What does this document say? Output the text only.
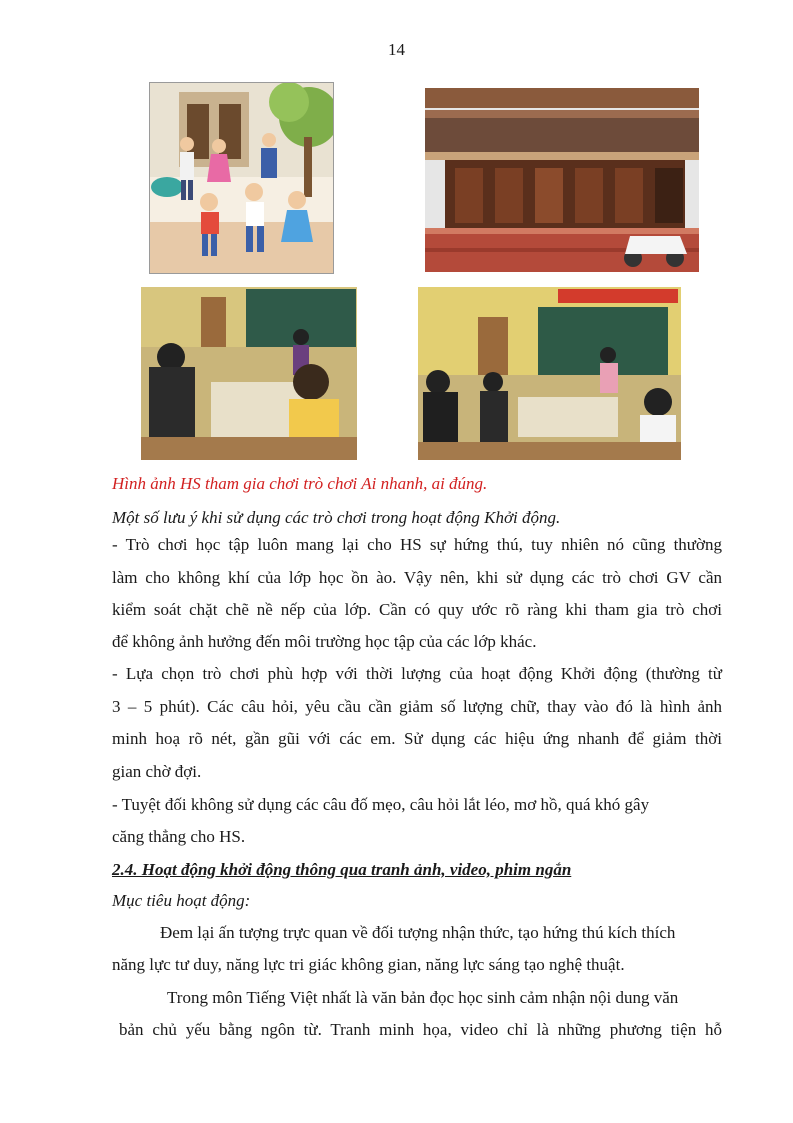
14
Hình ảnh HS tham gia chơi trò chơi Ai nhanh, ai đúng.
Một số lưu ý khi sử dụng các trò chơi trong hoạt động Khởi động.
- Trò chơi học tập luôn mang lại cho HS sự hứng thú, tuy nhiên nó cũng thường
làm cho không khí của lớp học ồn ào. Vậy nên, khi sử dụng các trò chơi GV cần
kiểm soát chặt chẽ nề nếp của lớp. Cần có quy ước rõ ràng khi tham gia trò chơi
để không ảnh hưởng đến môi trường học tập của các lớp khác.
- Lựa chọn trò chơi phù hợp với thời lượng của hoạt động Khởi động (thường từ
3 – 5 phút). Các câu hỏi, yêu cầu cần giảm số lượng chữ, thay vào đó là hình ảnh
minh hoạ rõ nét, gần gũi với các em. Sử dụng các hiệu ứng nhanh để giảm thời
gian chờ đợi.
- Tuyệt đối không sử dụng các câu đố mẹo, câu hỏi lắt léo, mơ hồ, quá khó gây
căng thẳng cho HS.
2.4. Hoạt động khởi động thông qua tranh ảnh, video, phim ngắn
Mục tiêu hoạt động:
Đem lại ấn tượng trực quan về đối tượng nhận thức, tạo hứng thú kích thích
năng lực tư duy, năng lực tri giác không gian, năng lực sáng tạo nghệ thuật.
Trong môn Tiếng Việt nhất là văn bản đọc học sinh cảm nhận nội dung văn
bản chủ yếu bằng ngôn từ. Tranh minh họa, video chỉ là những phương tiện hỗ
